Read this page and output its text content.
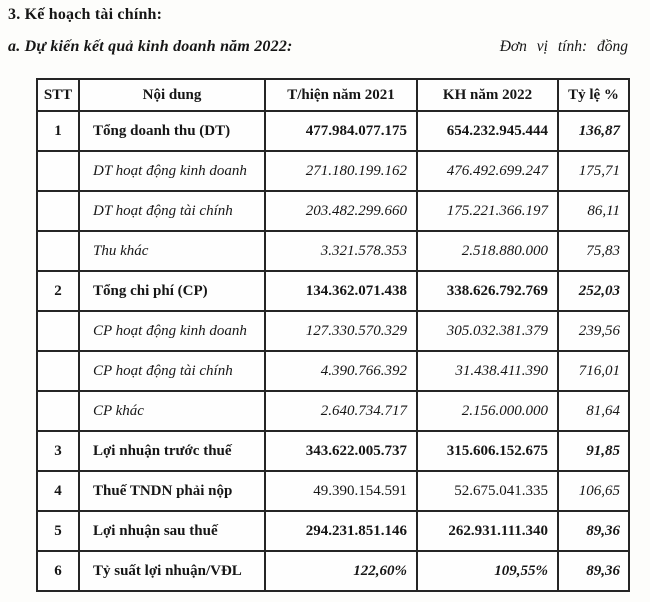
3. Kế hoạch tài chính:
a. Dự kiến kết quả kinh doanh năm 2022:	Đơn vị tính: đồng
STT	Nội dung	T/hiện năm 2021	KH năm 2022	Tỷ lệ %
1	Tổng doanh thu (DT)	477.984.077.175	654.232.945.444	136,87
	DT hoạt động kinh doanh	271.180.199.162	476.492.699.247	175,71
	DT hoạt động tài chính	203.482.299.660	175.221.366.197	86,11
	Thu khác	3.321.578.353	2.518.880.000	75,83
2	Tổng chi phí (CP)	134.362.071.438	338.626.792.769	252,03
	CP hoạt động kinh doanh	127.330.570.329	305.032.381.379	239,56
	CP hoạt động tài chính	4.390.766.392	31.438.411.390	716,01
	CP khác	2.640.734.717	2.156.000.000	81,64
3	Lợi nhuận trước thuế	343.622.005.737	315.606.152.675	91,85
4	Thuế TNDN phải nộp	49.390.154.591	52.675.041.335	106,65
5	Lợi nhuận sau thuế	294.231.851.146	262.931.111.340	89,36
6	Tỷ suất lợi nhuận/VĐL	122,60%	109,55%	89,36
